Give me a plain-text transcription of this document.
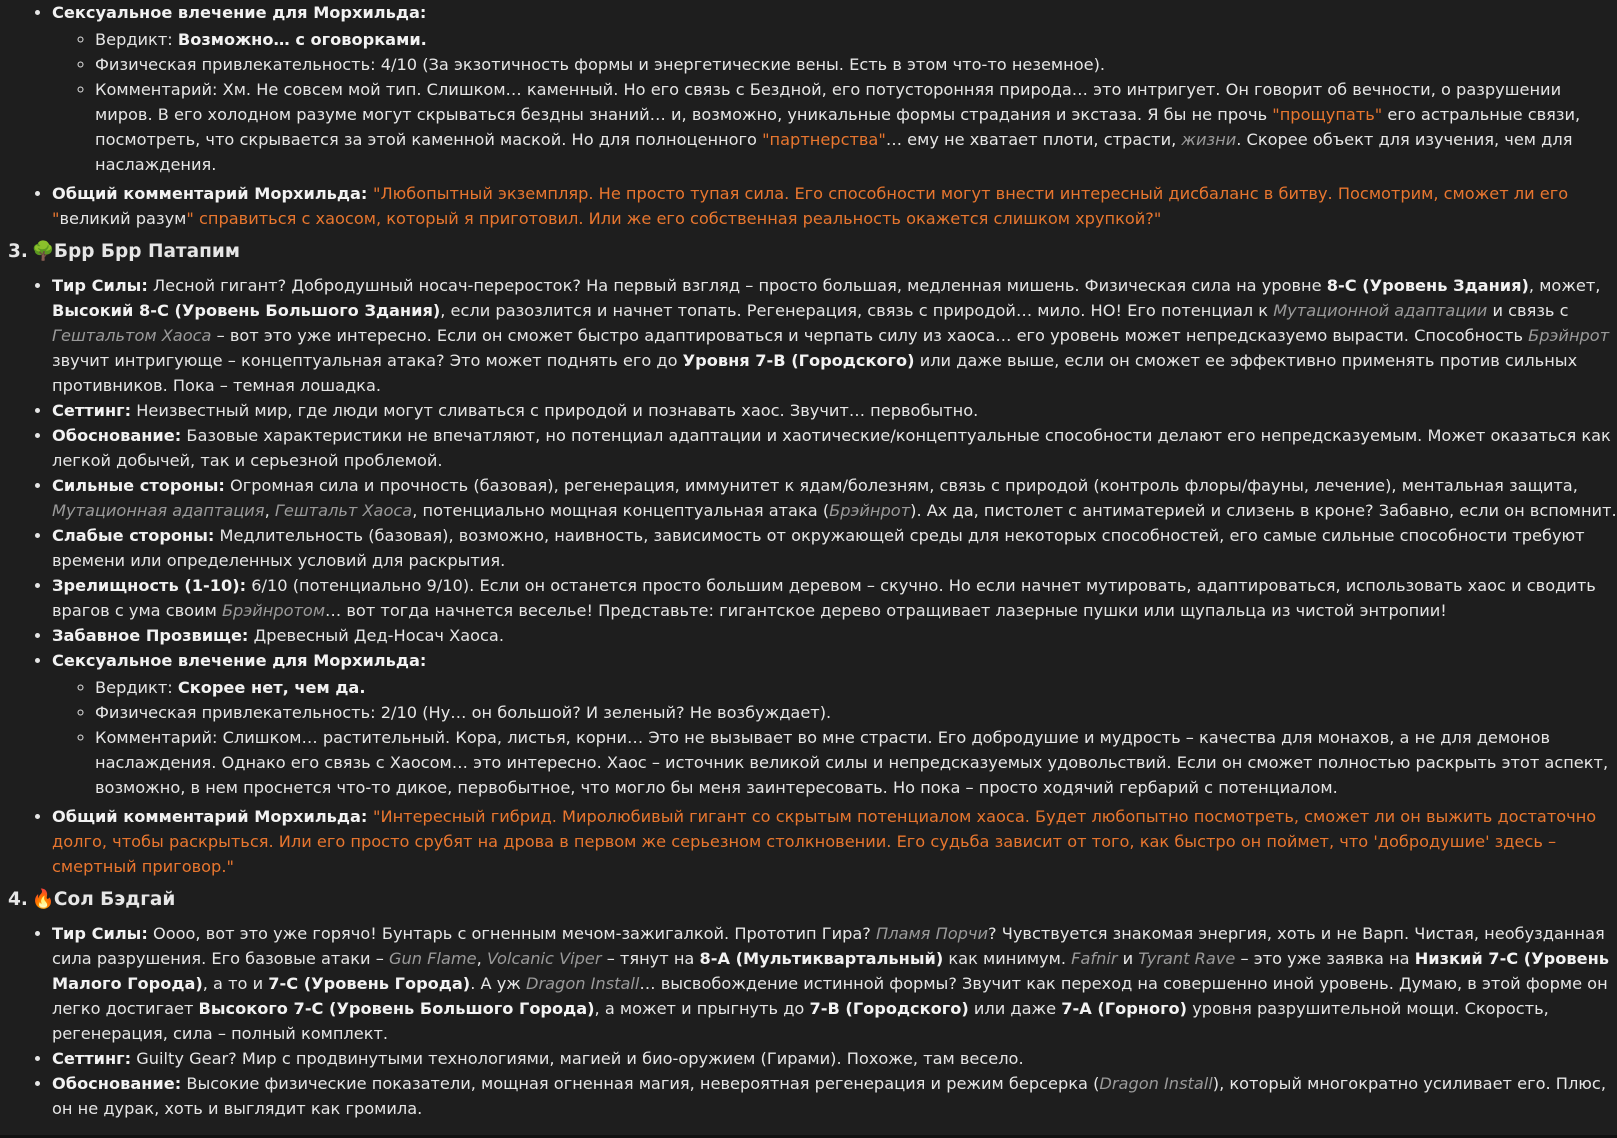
• Сексуальное влечение для Морхильда:
◦ Вердикт: Возможно… с оговорками.
◦ Физическая привлекательность: 4/10 (За экзотичность формы и энергетические вены. Есть в этом что-то неземное).
◦ Комментарий: Хм. Не совсем мой тип. Слишком… каменный. Но его связь с Бездной, его потусторонняя природа… это интригует. Он говорит об вечности, о разрушении миров. В его холодном разуме могут скрываться бездны знаний… и, возможно, уникальные формы страдания и экстаза. Я бы не прочь "прощупать" его астральные связи, посмотреть, что скрывается за этой каменной маской. Но для полноценного "партнерства"… ему не хватает плоти, страсти, жизни. Скорее объект для изучения, чем для наслаждения.
• Общий комментарий Морхильда: "Любопытный экземпляр. Не просто тупая сила. Его способности могут внести интересный дисбаланс в битву. Посмотрим, сможет ли его "великий разум" справиться с хаосом, который я приготовил. Или же его собственная реальность окажется слишком хрупкой?"
3. 🌳Брр Брр Патапим
• Тир Силы: Лесной гигант? Добродушный носач-переросток? На первый взгляд – просто большая, медленная мишень. Физическая сила на уровне 8-C (Уровень Здания), может, Высокий 8-C (Уровень Большого Здания), если разозлится и начнет топать. Регенерация, связь с природой… мило. НО! Его потенциал к Мутационной адаптации и связь с Гештальтом Хаоса – вот это уже интересно. Если он сможет быстро адаптироваться и черпать силу из хаоса… его уровень может непредсказуемо вырасти. Способность Брэйнрот звучит интригующе – концептуальная атака? Это может поднять его до Уровня 7-B (Городского) или даже выше, если он сможет ее эффективно применять против сильных противников. Пока – темная лошадка.
• Сеттинг: Неизвестный мир, где люди могут сливаться с природой и познавать хаос. Звучит… первобытно.
• Обоснование: Базовые характеристики не впечатляют, но потенциал адаптации и хаотические/концептуальные способности делают его непредсказуемым. Может оказаться как легкой добычей, так и серьезной проблемой.
• Сильные стороны: Огромная сила и прочность (базовая), регенерация, иммунитет к ядам/болезням, связь с природой (контроль флоры/фауны, лечение), ментальная защита, Мутационная адаптация, Гештальт Хаоса, потенциально мощная концептуальная атака (Брэйнрот). Ах да, пистолет с антиматерией и слизень в кроне? Забавно, если он вспомнит.
• Слабые стороны: Медлительность (базовая), возможно, наивность, зависимость от окружающей среды для некоторых способностей, его самые сильные способности требуют времени или определенных условий для раскрытия.
• Зрелищность (1-10): 6/10 (потенциально 9/10). Если он останется просто большим деревом – скучно. Но если начнет мутировать, адаптироваться, использовать хаос и сводить врагов с ума своим Брэйнротом… вот тогда начнется веселье! Представьте: гигантское дерево отращивает лазерные пушки или щупальца из чистой энтропии!
• Забавное Прозвище: Древесный Дед-Носач Хаоса.
• Сексуальное влечение для Морхильда:
◦ Вердикт: Скорее нет, чем да.
◦ Физическая привлекательность: 2/10 (Ну… он большой? И зеленый? Не возбуждает).
◦ Комментарий: Слишком… растительный. Кора, листья, корни… Это не вызывает во мне страсти. Его добродушие и мудрость – качества для монахов, а не для демонов наслаждения. Однако его связь с Хаосом… это интересно. Хаос – источник великой силы и непредсказуемых удовольствий. Если он сможет полностью раскрыть этот аспект, возможно, в нем проснется что-то дикое, первобытное, что могло бы меня заинтересовать. Но пока – просто ходячий гербарий с потенциалом.
• Общий комментарий Морхильда: "Интересный гибрид. Миролюбивый гигант со скрытым потенциалом хаоса. Будет любопытно посмотреть, сможет ли он выжить достаточно долго, чтобы раскрыться. Или его просто срубят на дрова в первом же серьезном столкновении. Его судьба зависит от того, как быстро он поймет, что 'добродушие' здесь – смертный приговор."
4. 🔥Сол Бэдгай
• Тир Силы: Оооо, вот это уже горячо! Бунтарь с огненным мечом-зажигалкой. Прототип Гира? Пламя Порчи? Чувствуется знакомая энергия, хоть и не Варп. Чистая, необузданная сила разрушения. Его базовые атаки – Gun Flame, Volcanic Viper – тянут на 8-A (Мультиквартальный) как минимум. Fafnir и Tyrant Rave – это уже заявка на Низкий 7-C (Уровень Малого Города), а то и 7-C (Уровень Города). А уж Dragon Install… высвобождение истинной формы? Звучит как переход на совершенно иной уровень. Думаю, в этой форме он легко достигает Высокого 7-C (Уровень Большого Города), а может и прыгнуть до 7-B (Городского) или даже 7-A (Горного) уровня разрушительной мощи. Скорость, регенерация, сила – полный комплект.
• Сеттинг: Guilty Gear? Мир с продвинутыми технологиями, магией и био-оружием (Гирами). Похоже, там весело.
• Обоснование: Высокие физические показатели, мощная огненная магия, невероятная регенерация и режим берсерка (Dragon Install), который многократно усиливает его. Плюс, он не дурак, хоть и выглядит как громила.
